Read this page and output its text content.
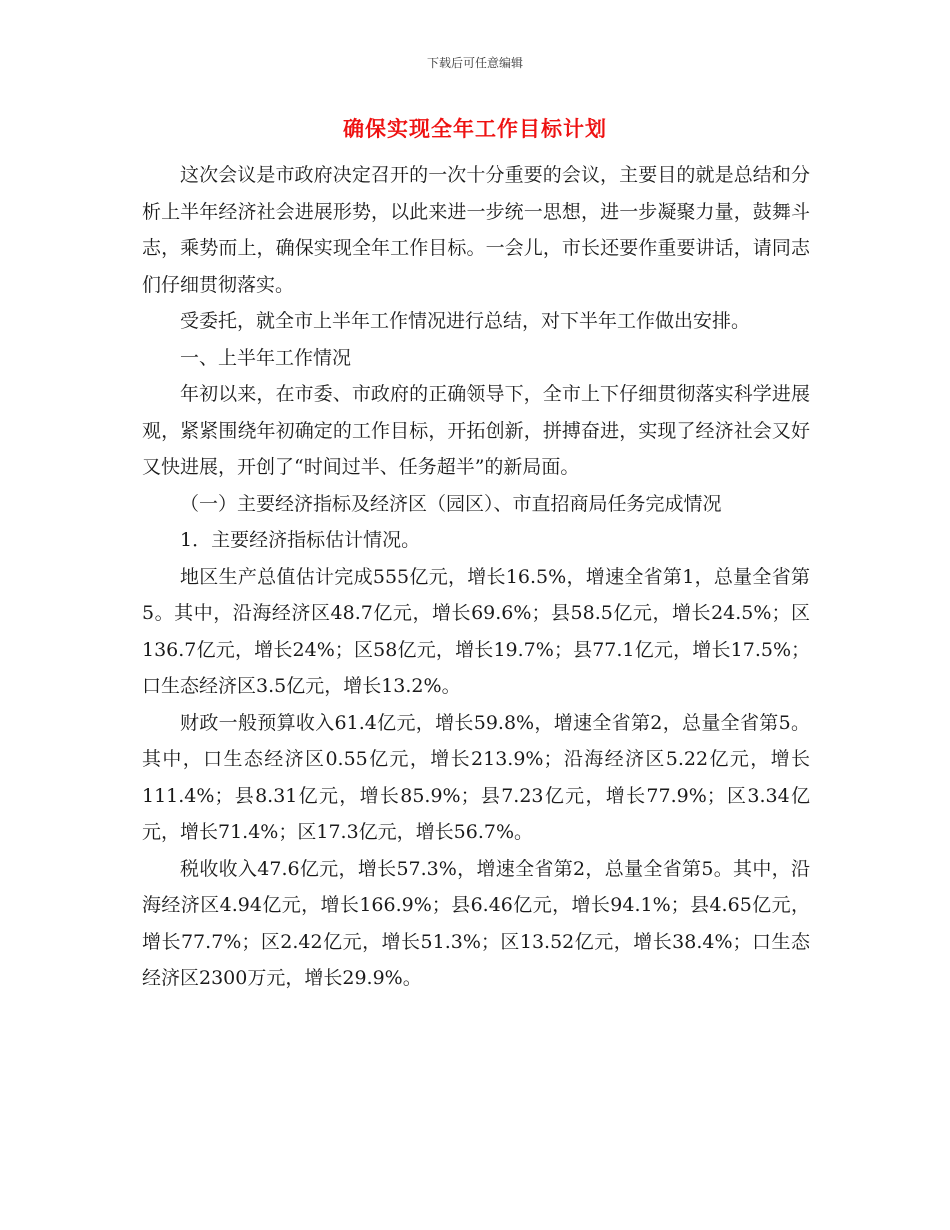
下载后可任意编辑
确保实现全年工作目标计划

这次会议是市政府决定召开的一次十分重要的会议，主要目的就是总结和分析上半年经济社会进展形势，以此来进一步统一思想，进一步凝聚力量，鼓舞斗志，乘势而上，确保实现全年工作目标。一会儿，市长还要作重要讲话，请同志们仔细贯彻落实。

受委托，就全市上半年工作情况进行总结，对下半年工作做出安排。

一、上半年工作情况

年初以来，在市委、市政府的正确领导下，全市上下仔细贯彻落实科学进展观，紧紧围绕年初确定的工作目标，开拓创新，拼搏奋进，实现了经济社会又好又快进展，开创了“时间过半、任务超半”的新局面。

（一）主要经济指标及经济区（园区）、市直招商局任务完成情况

1．主要经济指标估计情况。

地区生产总值估计完成555亿元，增长16.5%，增速全省第1，总量全省第5。其中，沿海经济区48.7亿元，增长69.6%；县58.5亿元，增长24.5%；区136.7亿元，增长24%；区58亿元，增长19.7%；县77.1亿元，增长17.5%；口生态经济区3.5亿元，增长13.2%。

财政一般预算收入61.4亿元，增长59.8%，增速全省第2，总量全省第5。其中，口生态经济区0.55亿元，增长213.9%；沿海经济区5.22亿元，增长111.4%；县8.31亿元，增长85.9%；县7.23亿元，增长77.9%；区3.34亿元，增长71.4%；区17.3亿元，增长56.7%。

税收收入47.6亿元，增长57.3%，增速全省第2，总量全省第5。其中，沿海经济区4.94亿元，增长166.9%；县6.46亿元，增长94.1%；县4.65亿元，增长77.7%；区2.42亿元，增长51.3%；区13.52亿元，增长38.4%；口生态经济区2300万元，增长29.9%。
